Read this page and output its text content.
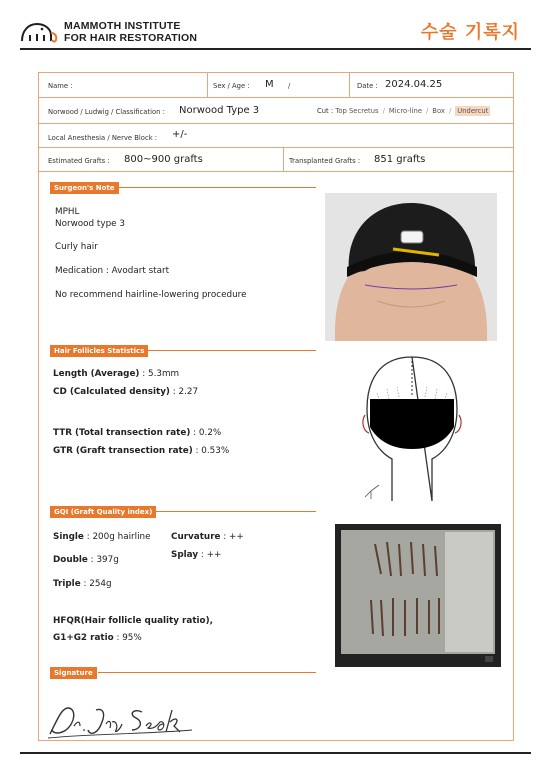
MAMMOTH INSTITUTE
FOR HAIR RESTORATION	수술 기록지
Name :	Sex / Age : M /	Date : 2024.04.25
Norwood / Ludwig / Classification : Norwood Type 3	Cut : Top Secretus / Micro-line / Box / Undercut
Local Anesthesia / Nerve Block : +/-
Estimated Grafts : 800~900 grafts	Transplanted Grafts : 851 grafts
Surgeon's Note
MPHL
Norwood type 3
Curly hair
Medication : Avodart start
No recommend hairline-lowering procedure
Hair Follicles Statistics
Length (Average) : 5.3mm
CD (Calculated density) : 2.27
TTR (Total transection rate) : 0.2%
GTR (Graft transection rate) : 0.53%
GQI (Graft Quality index)
Single : 200g hairline Curvature : ++
Splay : ++
Double : 397g
Triple : 254g
HFQR(Hair follicle quality ratio),
G1+G2 ratio : 95%
Signature
